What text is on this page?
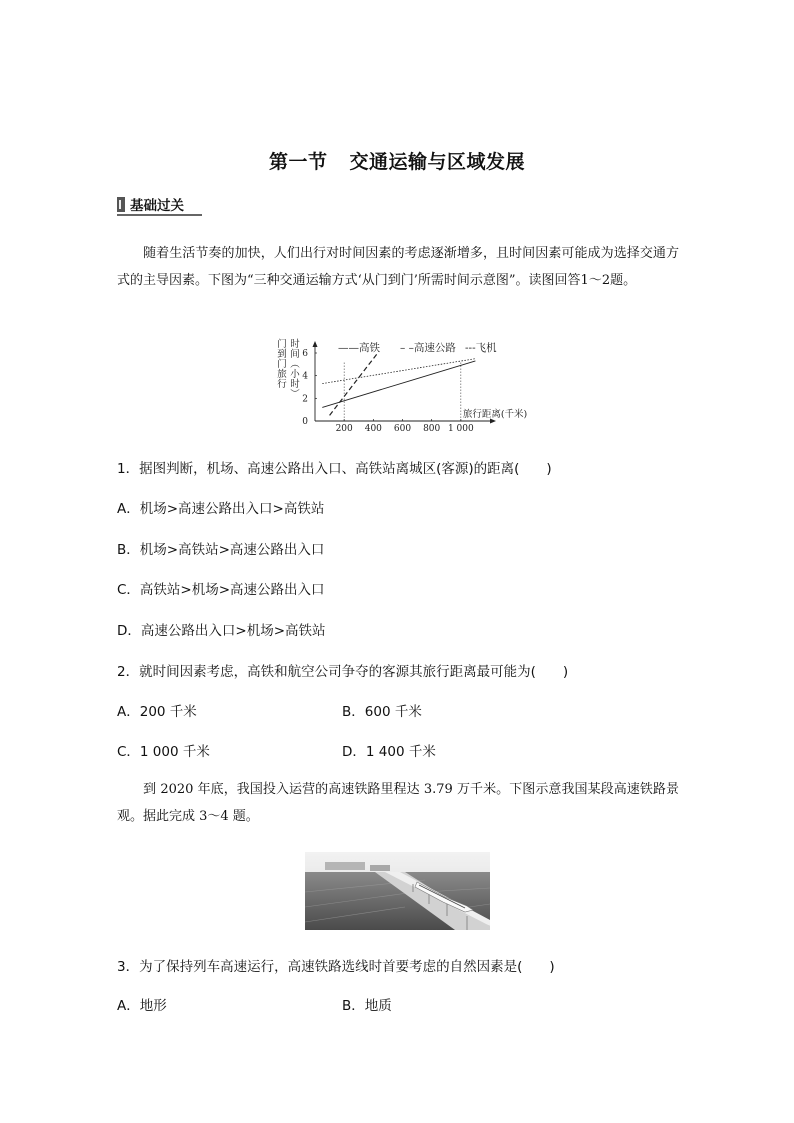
第一节 交通运输与区域发展
基础过关
随着生活节奏的加快，人们出行对时间因素的考虑逐渐增多，且时间因素可能成为选择交通方式的主导因素。下图为“三种交通运输方式‘从门到门’所需时间示意图”。读图回答1～2题。
200 400 600 800 1 000
0
2
4
6
门
到
门
旅
行
时
间
︵
小
时
︶
旅行距离(千米)
——高铁 – –高速公路 ---飞机
1．据图判断，机场、高速公路出入口、高铁站离城区(客源)的距离(　　)
A．机场>高速公路出入口>高铁站
B．机场>高铁站>高速公路出入口
C．高铁站>机场>高速公路出入口
D．高速公路出入口>机场>高铁站
2．就时间因素考虑，高铁和航空公司争夺的客源其旅行距离最可能为(　　)
A．200 千米	B．600 千米
C．1 000 千米	D．1 400 千米
到 2020 年底，我国投入运营的高速铁路里程达 3.79 万千米。下图示意我国某段高速铁路景观。据此完成 3～4 题。
3．为了保持列车高速运行，高速铁路选线时首要考虑的自然因素是(　　)
A．地形	B．地质
